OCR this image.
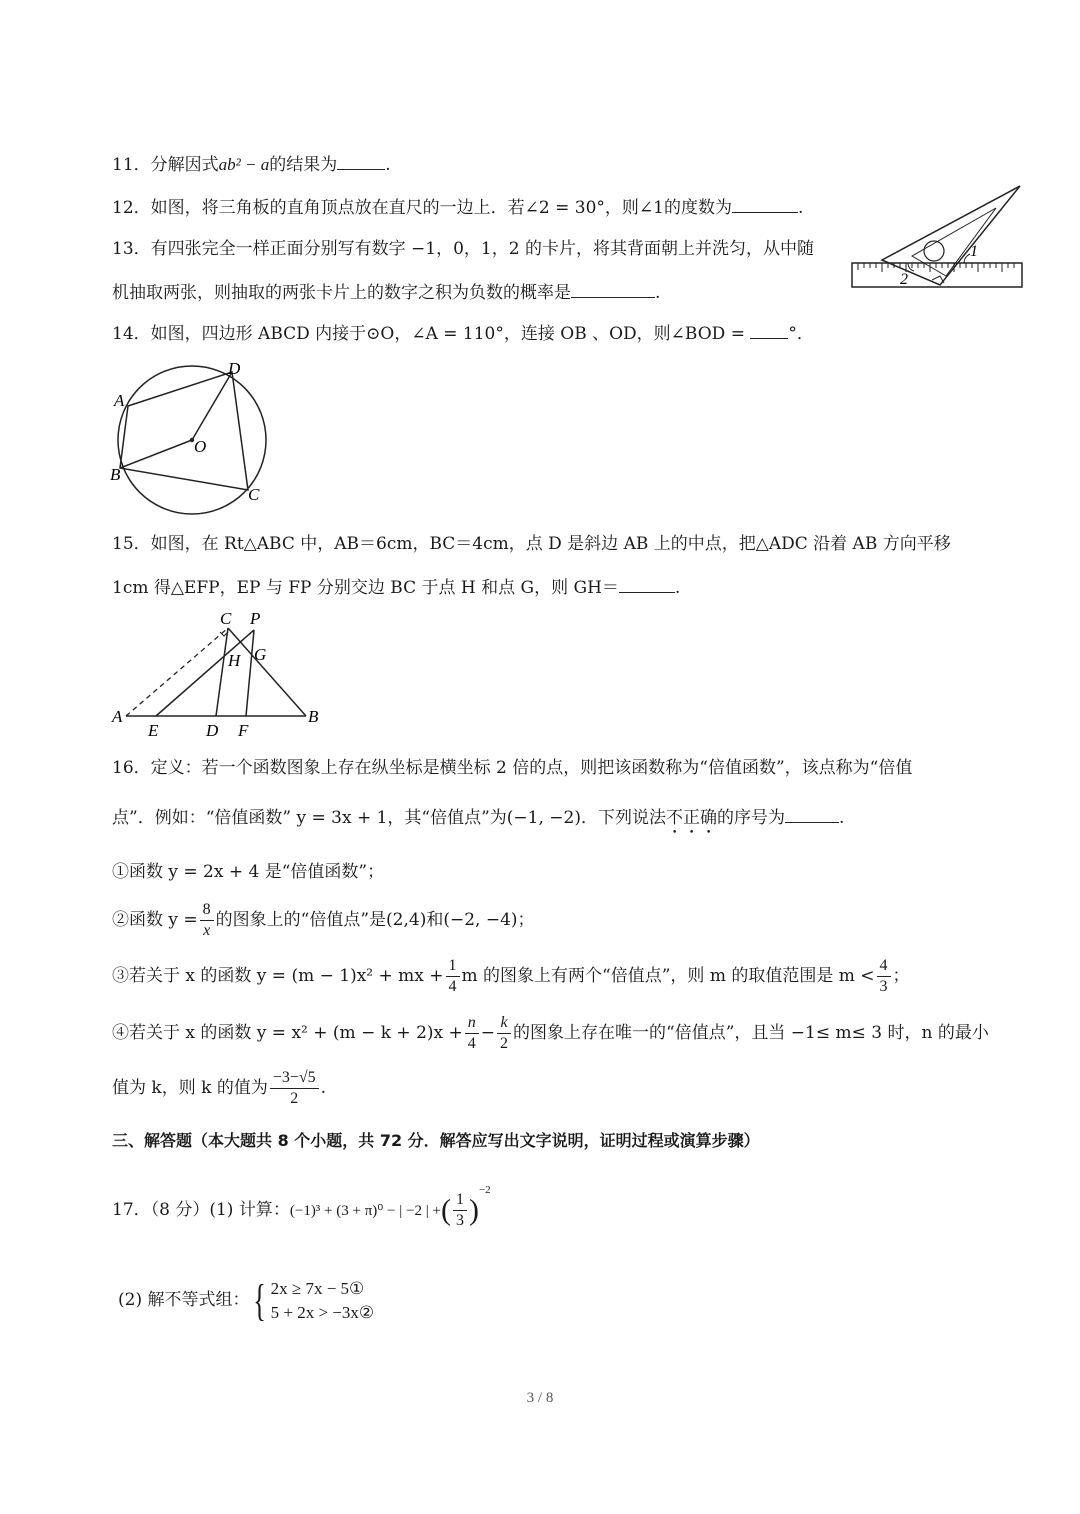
11．分解因式ab² − a的结果为	.
12．如图，将三角板的直角顶点放在直尺的一边上．若∠2 = 30°，则∠1的度数为	.
13．有四张完全一样正面分别写有数字 −1，0，1，2 的卡片，将其背面朝上并洗匀，从中随
机抽取两张，则抽取的两张卡片上的数字之积为负数的概率是	.
1
2
14．如图，四边形 ABCD 内接于⊙O，∠A = 110°，连接 OB 、OD，则∠BOD = °．
A
D
B
C
O
15．如图，在 Rt△ABC 中，AB＝6cm，BC＝4cm，点 D 是斜边 AB 上的中点，把△ADC 沿着 AB 方向平移
1cm 得△EFP，EP 与 FP 分别交边 BC 于点 H 和点 G，则 GH＝	.
A
E	D F
B
C P
H G
16．定义：若一个函数图象上存在纵坐标是横坐标 2 倍的点，则把该函数称为“倍值函数”，该点称为“倍值
点”．例如：“倍值函数” y = 3x + 1，其“倍值点”为(−1, −2)．下列说法不正确的序号为	.
①函数 y = 2x + 4 是“倍值函数”；
②函数 $y = \frac{8}{x}$ 的图象上的“倍值点”是(2,4)和(−2, −4)；
③若关于 x 的函数 y = (m − 1)x² + mx + $\frac{1}{4}$ m 的图象上有两个“倍值点”，则 m 的取值范围是 $m < \frac{4}{3}$ ；
④若关于 x 的函数 $y = x^2 + (m - k + 2)x + \frac{n}{4} - \frac{k}{2}$ 的图象上存在唯一的“倍值点”，且当 −1≤ m≤ 3 时，n 的最小
值为 k，则 k 的值为 $\frac{-3-√5}{2}$ .
三、解答题（本大题共 8 个小题，共 72 分．解答应写出文字说明，证明过程或演算步骤）
17．（8 分）(1) 计算：(−1)³ + (3 + π)⁰ − | −2 | +( $\frac{1}{3} )^{-2}$
(2) 解不等式组：{ 2x ≥ 7x − 5①
5 + 2x > −3x②
3 / 8
